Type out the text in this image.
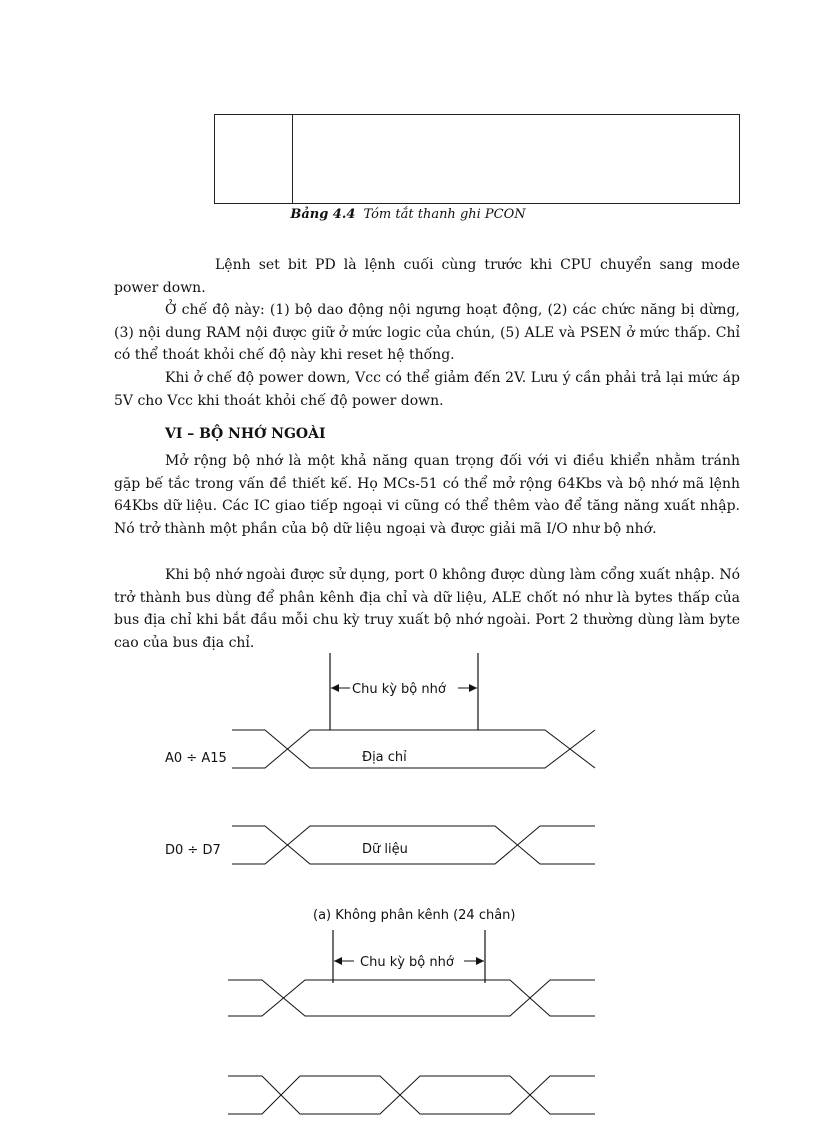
Bảng 4.4 Tóm tắt thanh ghi PCON

Lệnh set bit PD là lệnh cuối cùng trước khi CPU chuyển sang mode power down.

Ở chế độ này: (1) bộ dao động nội ngưng hoạt động, (2) các chức năng bị dừng, (3) nội dung RAM nội được giữ ở mức logic của chún, (5) ALE và PSEN ở mức thấp. Chỉ có thể thoát khỏi chế độ này khi reset hệ thống.

Khi ở chế độ power down, Vcc có thể giảm đến 2V. Lưu ý cần phải trả lại mức áp 5V cho Vcc khi thoát khỏi chế độ power down.

VI – BỘ NHỚ NGOÀI

Mở rộng bộ nhớ là một khả năng quan trọng đối với vi điều khiển nhằm tránh gặp bế tắc trong vấn đề thiết kế. Họ MCs-51 có thể mở rộng 64Kbs và bộ nhớ mã lệnh 64Kbs dữ liệu. Các IC giao tiếp ngoại vi cũng có thể thêm vào để tăng năng xuất nhập. Nó trở thành một phần của bộ dữ liệu ngoại và được giải mã I/O như bộ nhớ.

Khi bộ nhớ ngoài được sử dụng, port 0 không được dùng làm cổng xuất nhập. Nó trở thành bus dùng để phân kênh địa chỉ và dữ liệu, ALE chốt nó như là bytes thấp của bus địa chỉ khi bắt đầu mỗi chu kỳ truy xuất bộ nhớ ngoài. Port 2 thường dùng làm byte cao của bus địa chỉ.

Chu kỳ bộ nhớ
A0 ÷ A15	Địa chỉ
D0 ÷ D7	Dữ liệu
(a) Không phân kênh (24 chân)
Chu kỳ bộ nhớ
